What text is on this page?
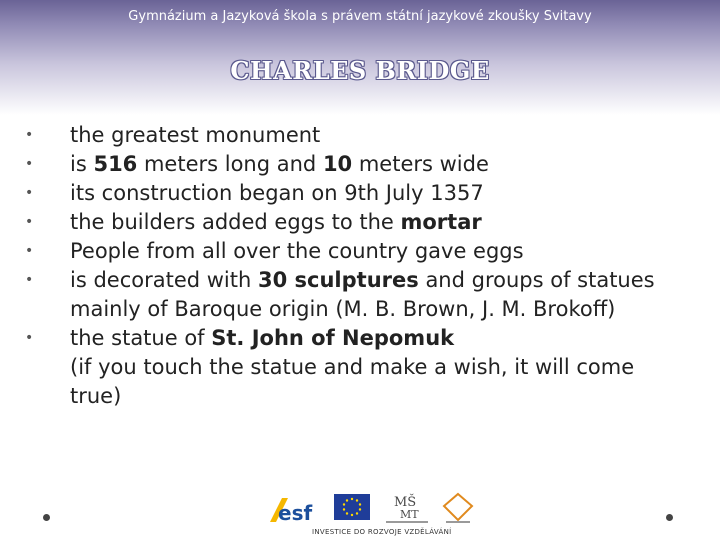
Gymnázium a Jazyková škola s právem státní jazykové zkoušky Svitavy
CHARLES BRIDGE
•	the greatest monument
•	is 516 meters long and 10 meters wide
•	its construction began on 9th July 1357
•	the builders added eggs to the mortar
•	People from all over the country gave eggs
•	is decorated with 30 sculptures and groups of statues mainly of Baroque origin (M. B. Brown, J. M. Brokoff)
•	the statue of St. John of Nepomuk
(if you touch the statue and make a wish, it will come true)
esf	MŠ
MT
INVESTICE DO ROZVOJE VZDĚLÁVÁNÍ
